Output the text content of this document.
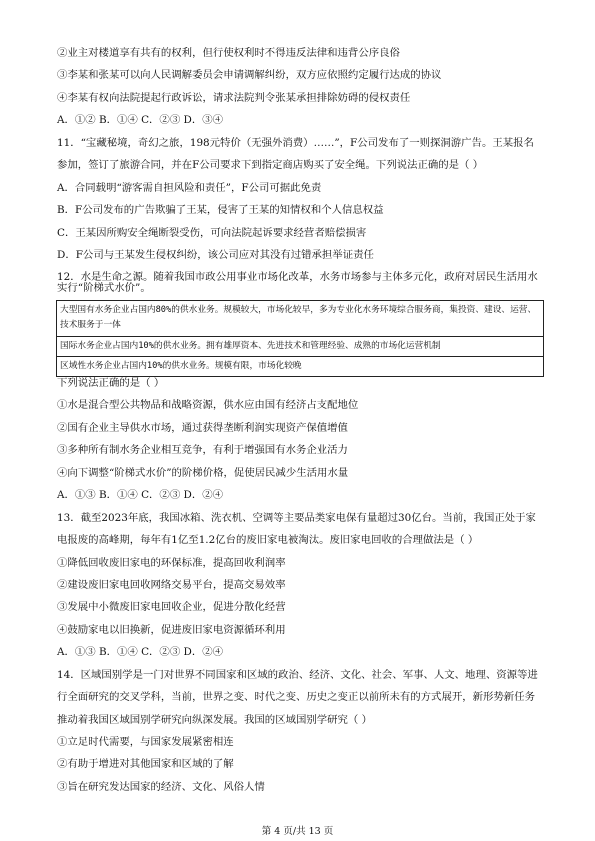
②业主对楼道享有共有的权利，但行使权利时不得违反法律和违背公序良俗
③李某和张某可以向人民调解委员会申请调解纠纷，双方应依照约定履行达成的协议
④李某有权向法院提起行政诉讼，请求法院判令张某承担排除妨碍的侵权责任
A．①② B．①④ C．②③ D．③④
11．“宝藏秘境，奇幻之旅，198元特价（无强外消费）……”，F公司发布了一则探洞游广告。王某报名
参加，签订了旅游合同，并在F公司要求下到指定商店购买了安全绳。下列说法正确的是（ ）
A．合同载明“游客需自担风险和责任”，F公司可据此免责
B．F公司发布的广告欺骗了王某，侵害了王某的知情权和个人信息权益
C．王某因所购安全绳断裂受伤，可向法院起诉要求经营者赔偿损害
D．F公司与王某发生侵权纠纷，该公司应对其没有过错承担举证责任
12．水是生命之源。随着我国市政公用事业市场化改革，水务市场参与主体多元化，政府对居民生活用水
实行“阶梯式水价”。
大型国有水务企业占国内80%的供水业务。规模较大，市场化较早，多为专业化水务环境综合服务商，集投资、建设、运营、技术服务于一体
国际水务企业占国内10%的供水业务。拥有雄厚资本、先进技术和管理经验、成熟的市场化运营机制
区域性水务企业占国内10%的供水业务。规模有限，市场化较晚
下列说法正确的是（ ）
①水是混合型公共物品和战略资源，供水应由国有经济占支配地位
②国有企业主导供水市场，通过获得垄断利润实现资产保值增值
③多种所有制水务企业相互竞争，有利于增强国有水务企业活力
④向下调整“阶梯式水价”的阶梯价格，促使居民减少生活用水量
A．①③ B．①④ C．②③ D．②④
13．截至2023年底，我国冰箱、洗衣机、空调等主要品类家电保有量超过30亿台。当前，我国正处于家
电报废的高峰期，每年有1亿至1.2亿台的废旧家电被淘汰。废旧家电回收的合理做法是（ ）
①降低回收废旧家电的环保标准，提高回收利润率
②建设废旧家电回收网络交易平台，提高交易效率
③发展中小微废旧家电回收企业，促进分散化经营
④鼓励家电以旧换新，促进废旧家电资源循环利用
A．①③ B．①④ C．②③ D．②④
14．区域国别学是一门对世界不同国家和区域的政治、经济、文化、社会、军事、人文、地理、资源等进
行全面研究的交叉学科，当前，世界之变、时代之变、历史之变正以前所未有的方式展开，新形势新任务
推动着我国区域国别学研究向纵深发展。我国的区域国别学研究（ ）
①立足时代需要，与国家发展紧密相连
②有助于增进对其他国家和区域的了解
③旨在研究发达国家的经济、文化、风俗人情
第 4 页/共 13 页
